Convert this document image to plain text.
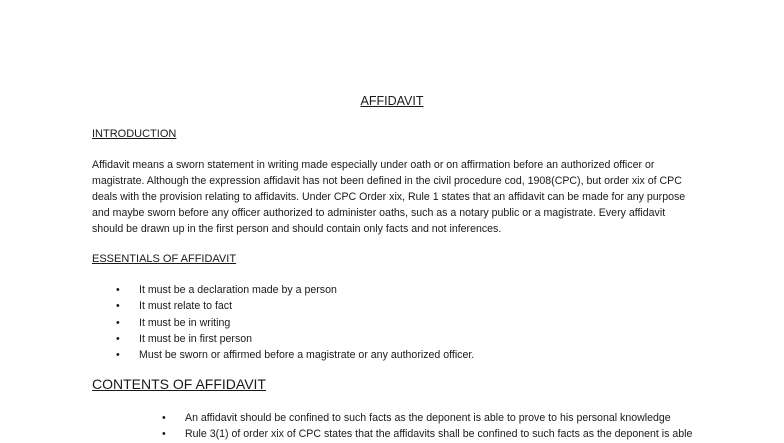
AFFIDAVIT
INTRODUCTION
Affidavit means a sworn statement in writing made especially under oath or on affirmation before an authorized officer or
magistrate. Although the expression affidavit has not been defined in the civil procedure cod, 1908(CPC), but order xix of CPC
deals with the provision relating to affidavits. Under CPC Order xix, Rule 1 states that an affidavit can be made for any purpose
and maybe sworn before any officer authorized to administer oaths, such as a notary public or a magistrate. Every affidavit
should be drawn up in the first person and should contain only facts and not inferences.
ESSENTIALS OF AFFIDAVIT
• It must be a declaration made by a person
• It must relate to fact
• It must be in writing
• It must be in first person
• Must be sworn or affirmed before a magistrate or any authorized officer.
CONTENTS OF AFFIDAVIT
• An affidavit should be confined to such facts as the deponent is able to prove to his personal knowledge
• Rule 3(1) of order xix of CPC states that the affidavits shall be confined to such facts as the deponent is able
